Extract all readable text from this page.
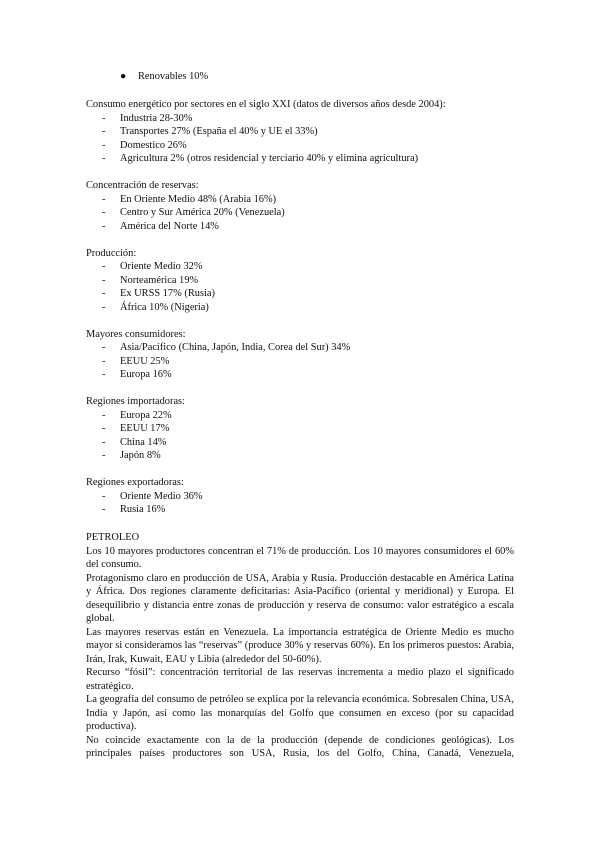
● Renovables 10%
Consumo energético por sectores en el siglo XXI (datos de diversos años desde 2004):
- Industria 28-30%
- Transportes 27% (España el 40% y UE el 33%)
- Domestico 26%
- Agricultura 2% (otros residencial y terciario 40% y elimina agricultura)
Concentración de reservas:
- En Oriente Medio 48% (Arabia 16%)
- Centro y Sur América 20% (Venezuela)
- América del Norte 14%
Producción:
- Oriente Medio 32%
- Norteamérica 19%
- Ex URSS 17% (Rusia)
- África 10% (Nigeria)
Mayores consumidores:
- Asia/Pacífico (China, Japón, India, Corea del Sur) 34%
- EEUU 25%
- Europa 16%
Regiones importadoras:
- Europa 22%
- EEUU 17%
- China 14%
- Japón 8%
Regiones exportadoras:
- Oriente Medio 36%
- Rusia 16%
PETROLEO

Los 10 mayores productores concentran el 71% de producción. Los 10 mayores consumidores el 60% del consumo.

Protagonismo claro en producción de USA, Arabia y Rusia. Producción destacable en América Latina y África. Dos regiones claramente deficitarias: Asia-Pacífico (oriental y meridional) y Europa. El desequilibrio y distancia entre zonas de producción y reserva de consumo: valor estratégico a escala global.

Las mayores reservas están en Venezuela. La importancia estratégica de Oriente Medio es mucho mayor si consideramos las “reservas” (produce 30% y reservas 60%). En los primeros puestos: Arabia, Irán, Irak, Kuwait, EAU y Libia (alrededor del 50-60%).

Recurso “fósil”: concentración territorial de las reservas incrementa a medio plazo el significado estratégico.

La geografía del consumo de petróleo se explica por la relevancia económica. Sobresalen China, USA, India y Japón, así como las monarquías del Golfo que consumen en exceso (por su capacidad productiva).

No coincide exactamente con la de la producción (depende de condiciones geológicas). Los principales países productores son USA, Rusia, los del Golfo, China, Canadá, Venezuela,
